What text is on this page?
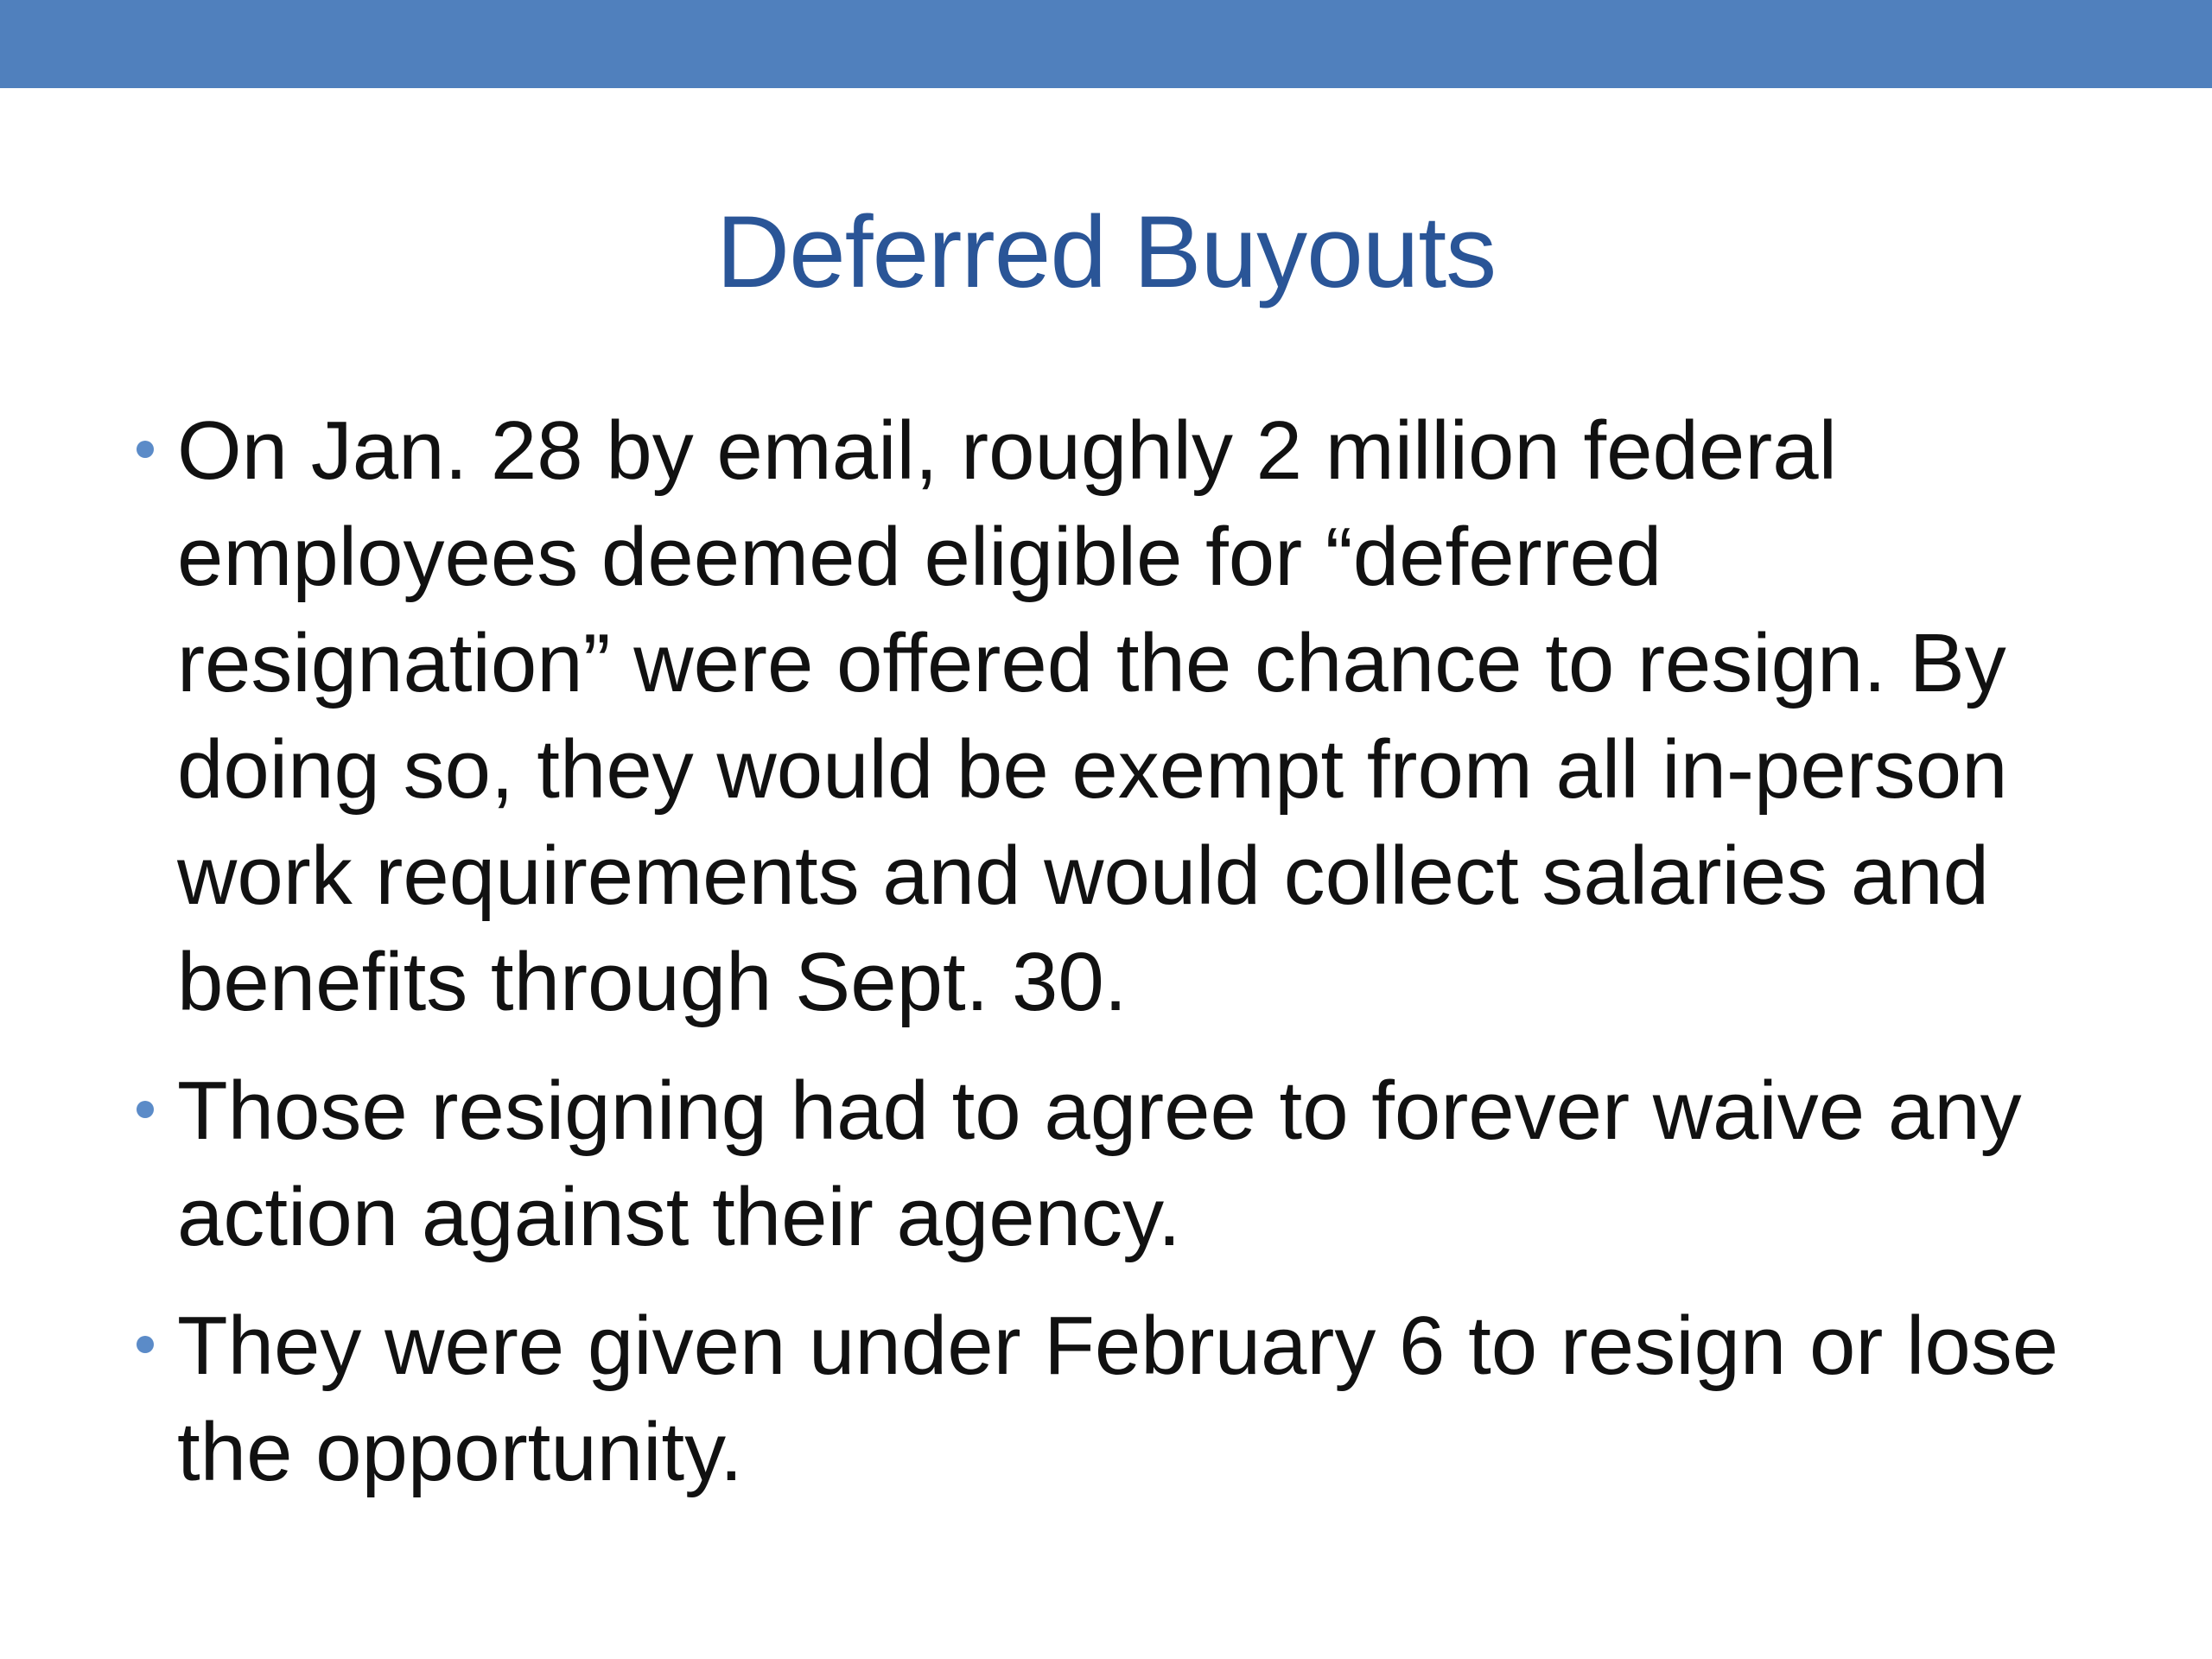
Deferred Buyouts
On Jan. 28 by email, roughly 2 million federal employees deemed eligible for “deferred resignation” were offered the chance to resign. By doing so, they would be exempt from all in-person work requirements and would collect salaries and benefits through Sept. 30.
Those resigning had to agree to forever waive any action against their agency.
They were given under February 6 to resign or lose the opportunity.
